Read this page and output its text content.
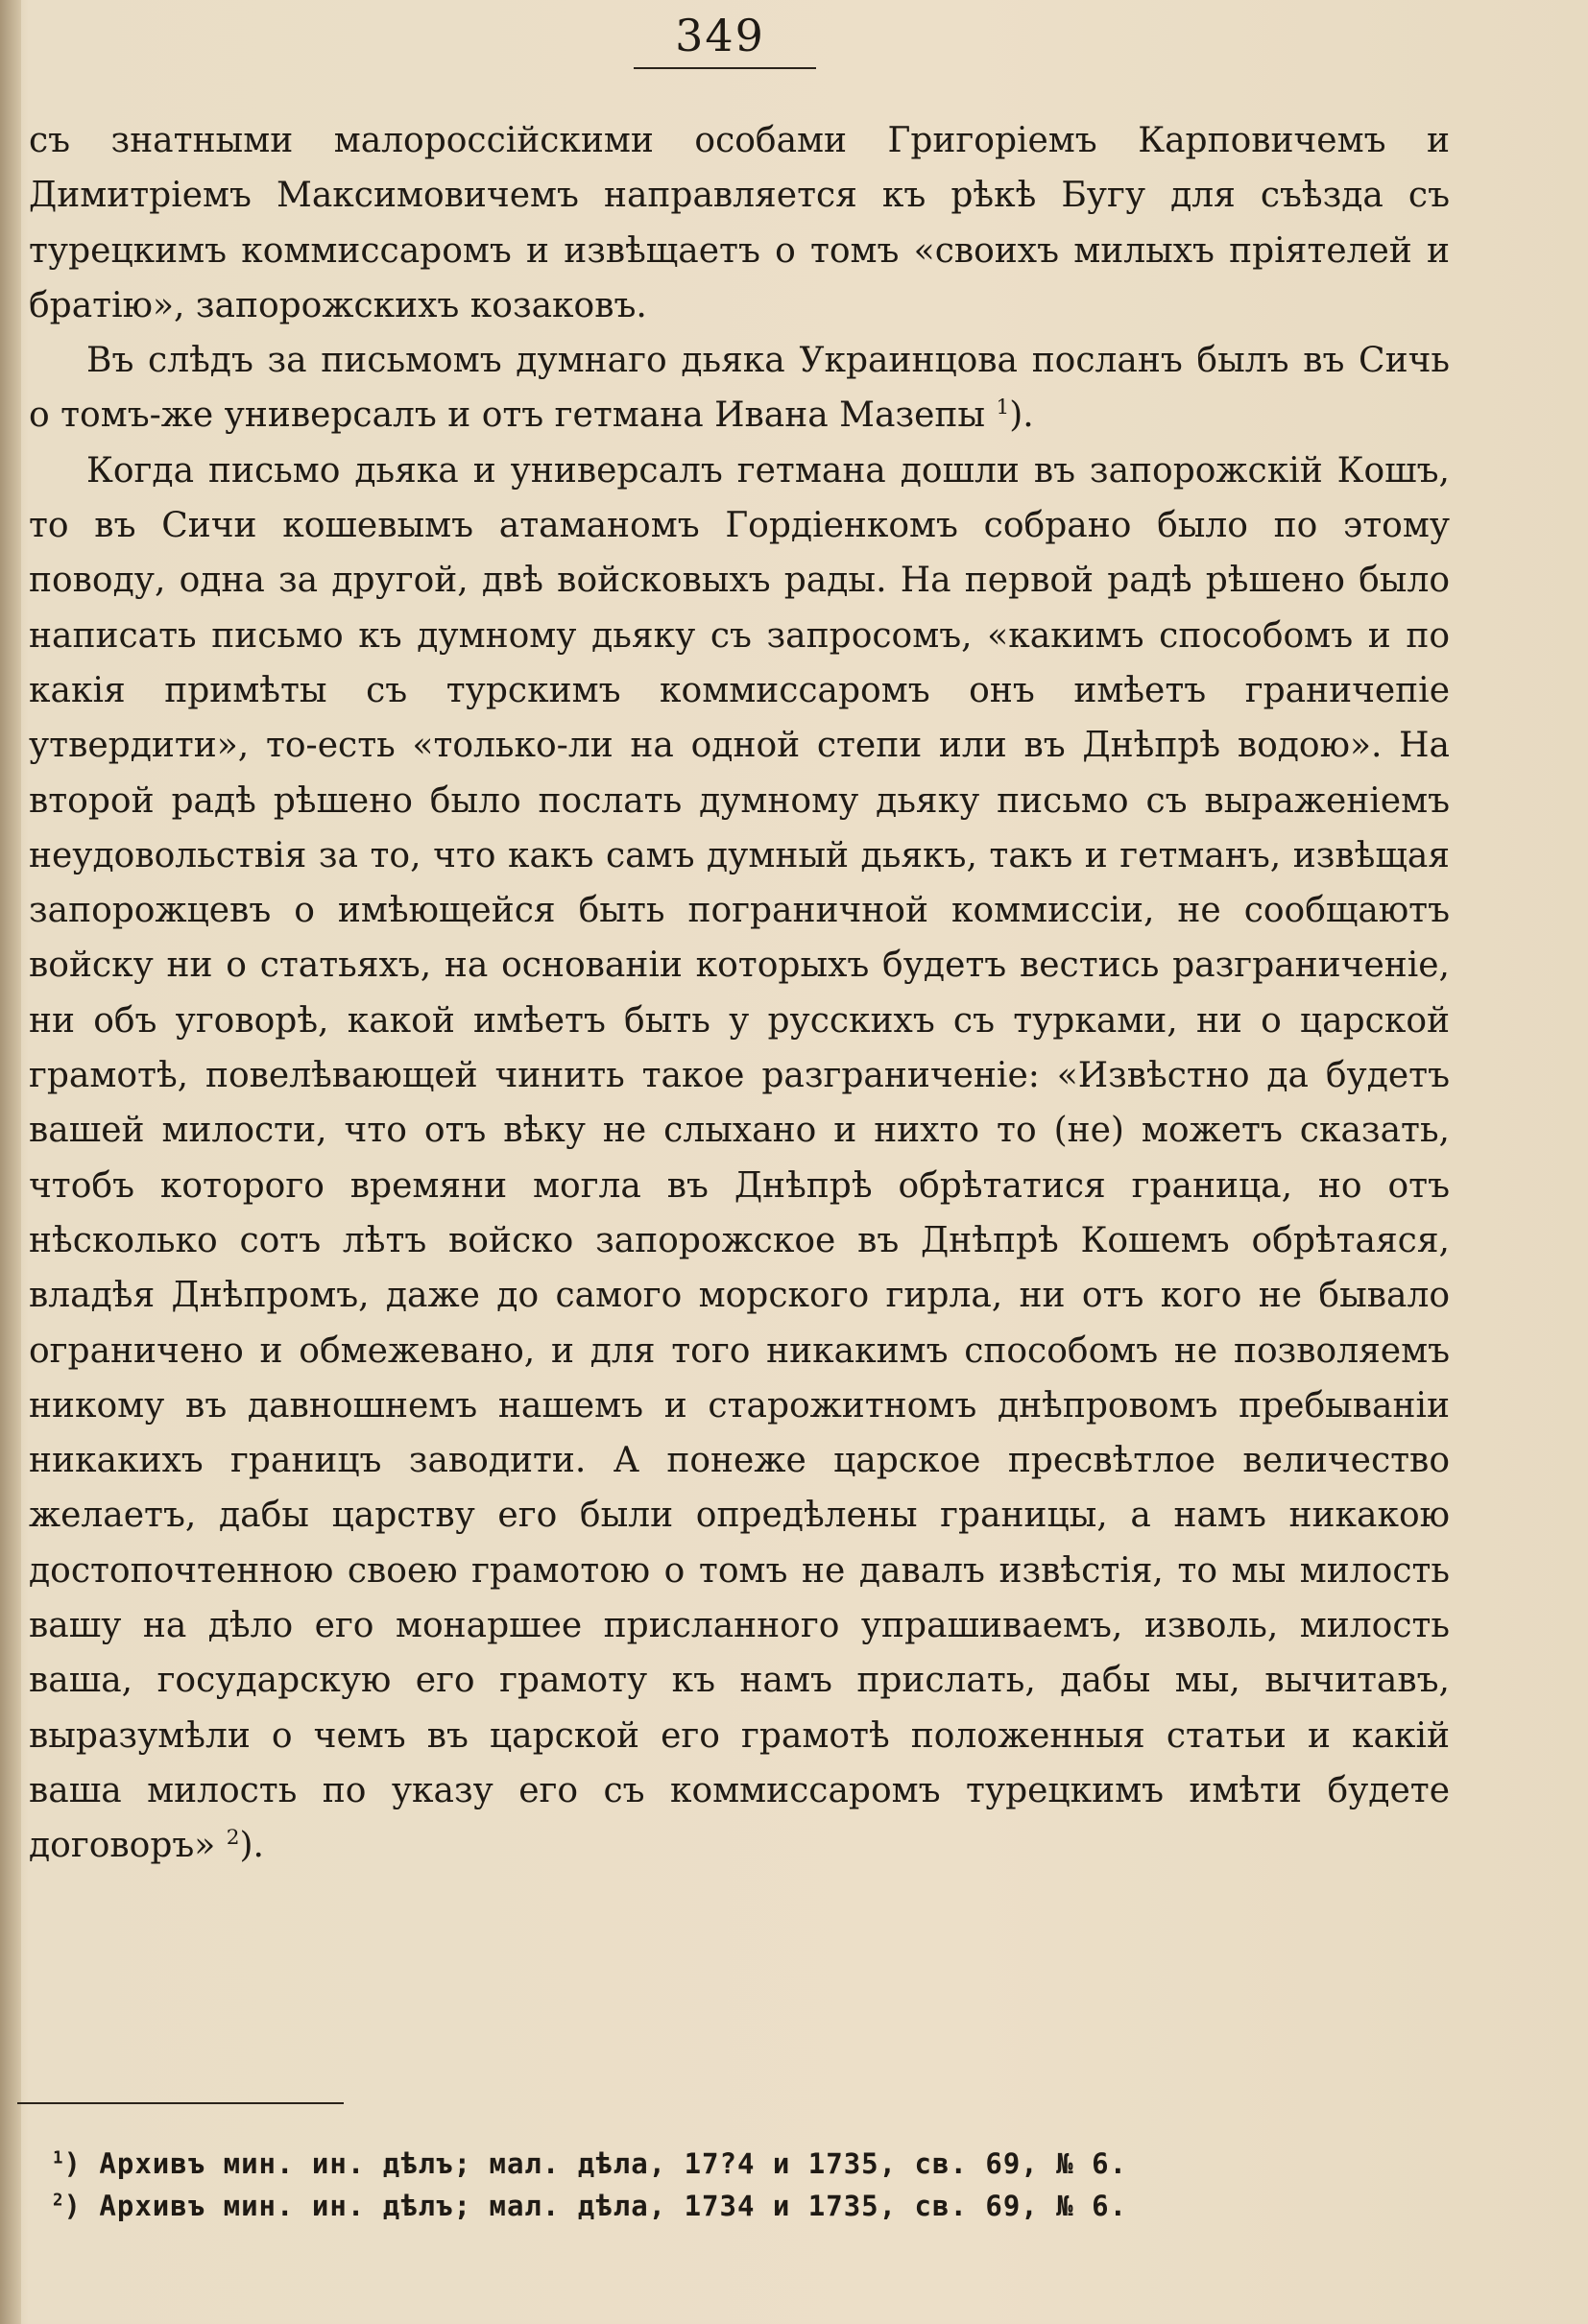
349

съ знатными малороссійскими особами Григоріемъ Карповичемъ и Димитріемъ Максимовичемъ направляется къ рѣкѣ Бугу для съѣзда съ турецкимъ коммиссаромъ и извѣщаетъ о томъ «своихъ милыхъ пріятелей и братію», запорожскихъ козаковъ.

Въ слѣдъ за письмомъ думнаго дьяка Украинцова посланъ былъ въ Сичь о томъ-же универсалъ и отъ гетмана Ивана Мазепы $^1$).

Когда письмо дьяка и универсалъ гетмана дошли въ запорожскій Кошъ, то въ Сичи кошевымъ атаманомъ Гордіенкомъ собрано было по этому поводу, одна за другой, двѣ войсковыхъ рады. На первой радѣ рѣшено было написать письмо къ думному дьяку съ запросомъ, «какимъ способомъ и по какія примѣты съ турскимъ коммиссаромъ онъ имѣетъ граничепіе утвердити», то-есть «только-ли на одной степи или въ Днѣпрѣ водою». На второй радѣ рѣшено было послать думному дьяку письмо съ выраженіемъ неудовольствія за то, что какъ самъ думный дьякъ, такъ и гетманъ, извѣщая запорожцевъ о имѣющейся быть пограничной коммиссіи, не сообщаютъ войску ни о статьяхъ, на основаніи которыхъ будетъ вестись разграниченіе, ни объ уговорѣ, какой имѣетъ быть у русскихъ съ турками, ни о царской грамотѣ, повелѣвающей чинить такое разграниченіе: «Извѣстно да будетъ вашей милости, что отъ вѣку не слыхано и нихто то (не) можетъ сказать, чтобъ которого времяни могла въ Днѣпрѣ обрѣтатися граница, но отъ нѣсколько сотъ лѣтъ войско запорожское въ Днѣпрѣ Кошемъ обрѣтаяся, владѣя Днѣпромъ, даже до самого морского гирла, ни отъ кого не бывало ограничено и обмежевано, и для того никакимъ способомъ не позволяемъ никому въ давношнемъ нашемъ и старожитномъ днѣпровомъ пребываніи никакихъ границъ заводити. А понеже царское пресвѣтлое величество желаетъ, дабы царству его были опредѣлены границы, а намъ никакою достопочтенною своею грамотою о томъ не давалъ извѣстія, то мы милость вашу на дѣло его монаршее присланного упрашиваемъ, изволь, милость ваша, государскую его грамоту къ намъ прислать, дабы мы, вычитавъ, выразумѣли о чемъ въ царской его грамотѣ положенныя статьи и какій ваша милость по указу его съ коммиссаромъ турецкимъ имѣти будете договоръ» $^2$).

$^1$) Архивъ мин. ин. дѣлъ; мал. дѣла, 17?4 и 1735, св. 69, № 6.

$^2$) Архивъ мин. ин. дѣлъ; мал. дѣла, 1734 и 1735, св. 69, № 6.
